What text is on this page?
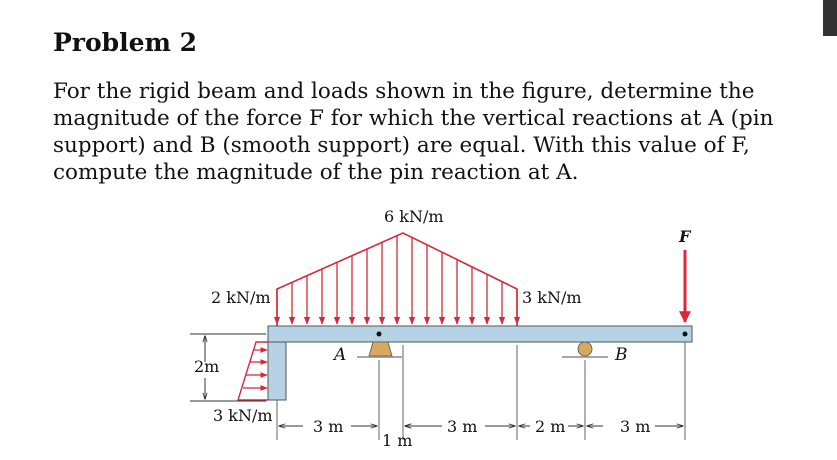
Problem 2

For the rigid beam and loads shown in the figure, determine the magnitude of the force F for which the vertical reactions at A (pin support) and B (smooth support) are equal. With this value of F, compute the magnitude of the pin reaction at A.

6 kN/m
2 kN/m	3 kN/m
F
A	B
2m
3 kN/m
3 m
1 m
3 m	2 m	3 m
